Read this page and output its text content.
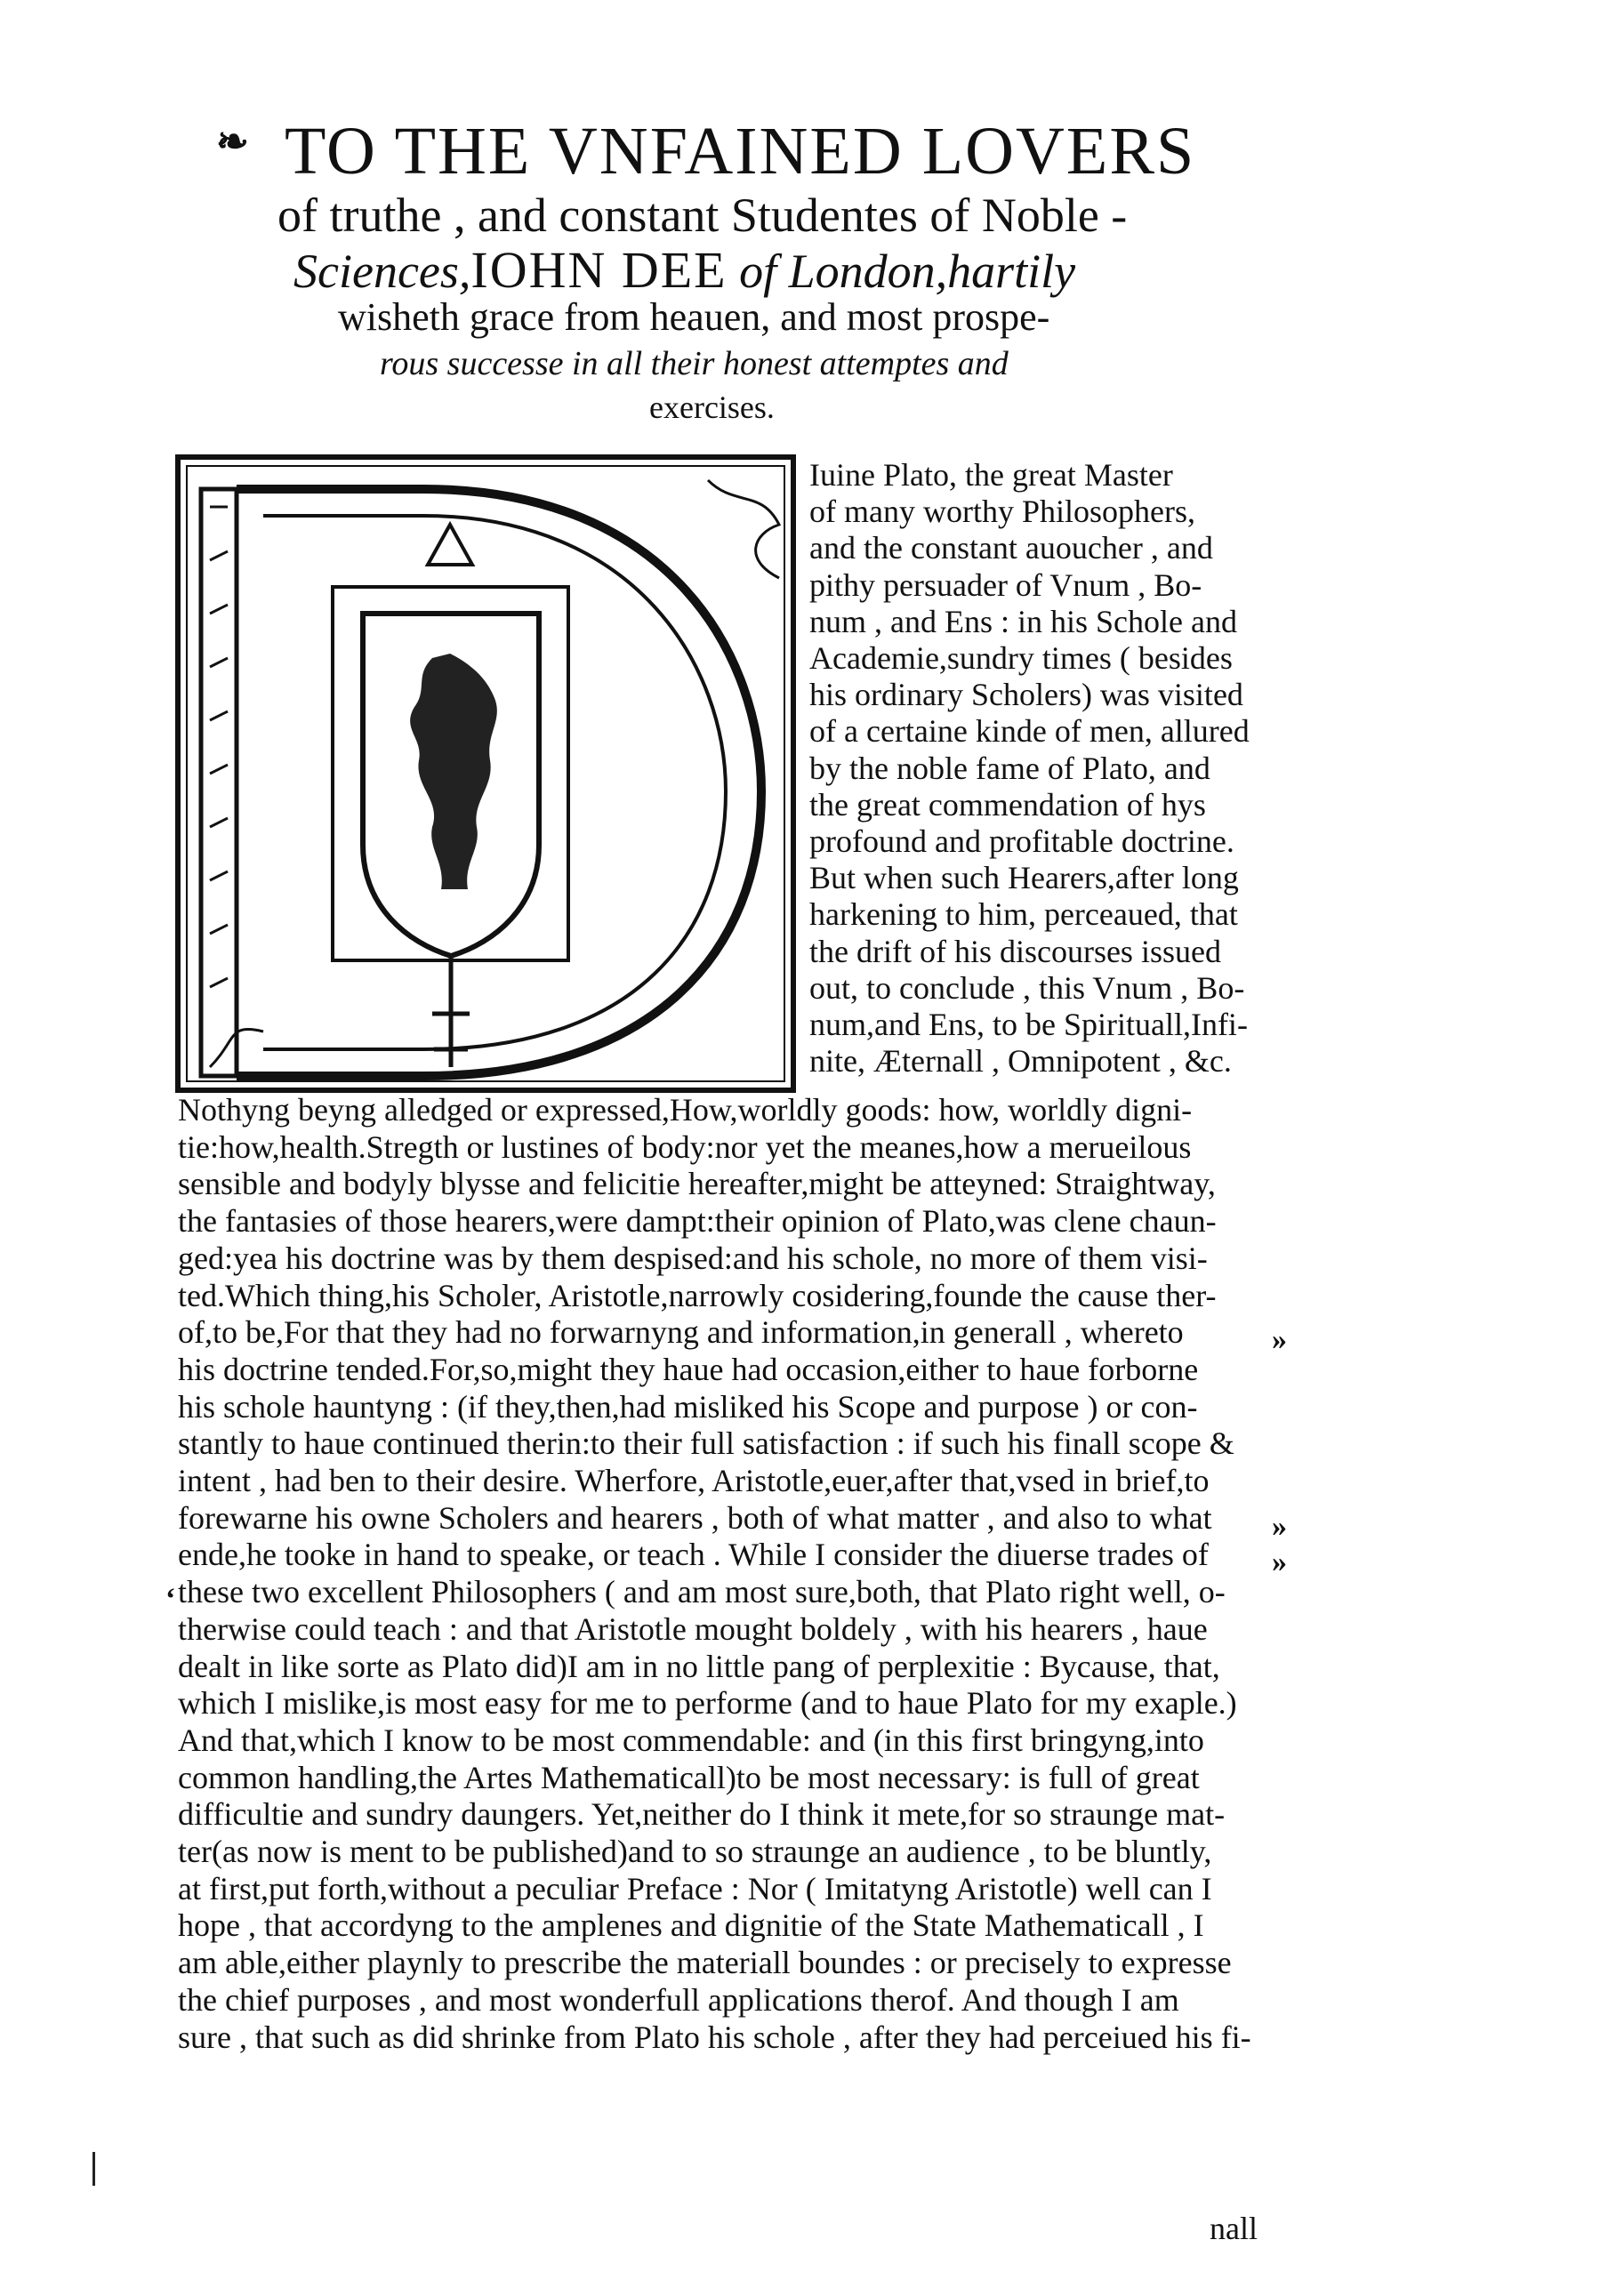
❧ TO THE VNFAINED LOVERS
of truthe , and constant Studentes of Noble -
Sciences,IOHN DEE of London,hartily
wisheth grace from heauen, and most prospe-
rous successe in all their honest attemptes and
exercises.
Iuine Plato, the great Master
of many worthy Philosophers,
and the constant auoucher , and
pithy persuader of Vnum , Bo-
num , and Ens : in his Schole and
Academie,sundry times ( besides
his ordinary Scholers) was visited
of a certaine kinde of men, allured
by the noble fame of Plato, and
the great commendation of hys
profound and profitable doctrine.
But when such Hearers,after long
harkening to him, perceaued, that
the drift of his discourses issued
out, to conclude , this Vnum , Bo-
num,and Ens, to be Spirituall,Infi-
nite, Æternall , Omnipotent , &c.
Nothyng beyng alledged or expressed,How,worldly goods: how, worldly digni-
tie:how,health.Stregth or lustines of body:nor yet the meanes,how a merueilous
sensible and bodyly blysse and felicitie hereafter,might be atteyned: Straightway,
the fantasies of those hearers,were dampt:their opinion of Plato,was clene chaun-
ged:yea his doctrine was by them despised:and his schole, no more of them visi-
ted.Which thing,his Scholer, Aristotle,narrowly cosidering,founde the cause ther-
of,to be,For that they had no forwarnyng and information,in generall , whereto
his doctrine tended.For,so,might they haue had occasion,either to haue forborne
his schole hauntyng : (if they,then,had misliked his Scope and purpose ) or con-
stantly to haue continued therin:to their full satisfaction : if such his finall scope &
intent , had ben to their desire. Wherfore, Aristotle,euer,after that,vsed in brief,to
forewarne his owne Scholers and hearers , both of what matter , and also to what
ende,he tooke in hand to speake, or teach . While I consider the diuerse trades of
these two excellent Philosophers ( and am most sure,both, that Plato right well, o-
therwise could teach : and that Aristotle mought boldely , with his hearers , haue
dealt in like sorte as Plato did)I am in no little pang of perplexitie : Bycause, that,
which I mislike,is most easy for me to performe (and to haue Plato for my exaple.)
And that,which I know to be most commendable: and (in this first bringyng,into
common handling,the Artes Mathematicall)to be most necessary: is full of great
difficultie and sundry daungers. Yet,neither do I think it mete,for so straunge mat-
ter(as now is ment to be published)and to so straunge an audience , to be bluntly,
at first,put forth,without a peculiar Preface : Nor ( Imitatyng Aristotle) well can I
hope , that accordyng to the amplenes and dignitie of the State Mathematicall , I
am able,either playnly to prescribe the materiall boundes : or precisely to expresse
the chief purposes , and most wonderfull applications therof. And though I am
sure , that such as did shrinke from Plato his schole , after they had perceiued his fi-
»
»
»
‘
nall
